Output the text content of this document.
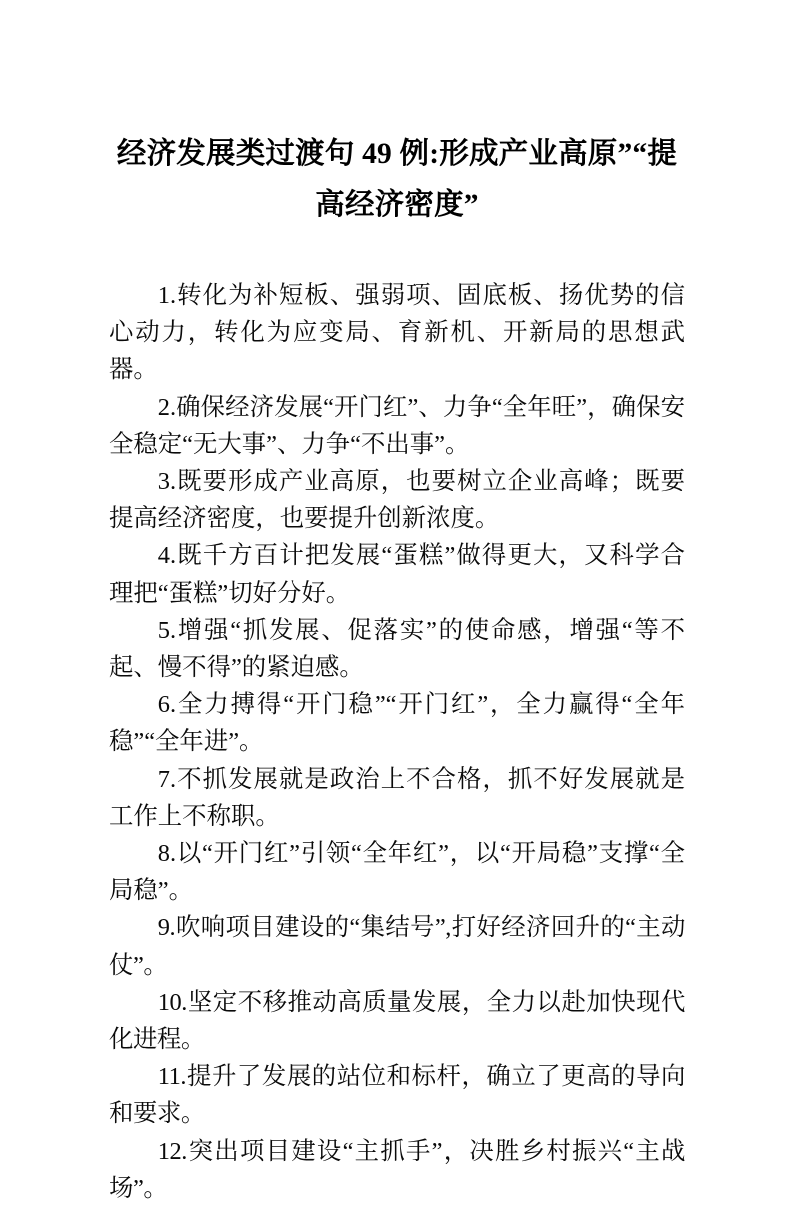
经济发展类过渡句 49 例:形成产业高原”“提高经济密度”

1.转化为补短板、强弱项、固底板、扬优势的信心动力，转化为应变局、育新机、开新局的思想武器。

2.确保经济发展“开门红”、力争“全年旺”，确保安全稳定“无大事”、力争“不出事”。

3.既要形成产业高原，也要树立企业高峰；既要提高经济密度，也要提升创新浓度。

4.既千方百计把发展“蛋糕”做得更大，又科学合理把“蛋糕”切好分好。

5.增强“抓发展、促落实”的使命感，增强“等不起、慢不得”的紧迫感。

6.全力搏得“开门稳”“开门红”，全力赢得“全年稳”“全年进”。

7.不抓发展就是政治上不合格，抓不好发展就是工作上不称职。

8.以“开门红”引领“全年红”，以“开局稳”支撑“全局稳”。

9.吹响项目建设的“集结号”,打好经济回升的“主动仗”。

10.坚定不移推动高质量发展，全力以赴加快现代化进程。

11.提升了发展的站位和标杆，确立了更高的导向和要求。

12.突出项目建设“主抓手”，决胜乡村振兴“主战场”。
